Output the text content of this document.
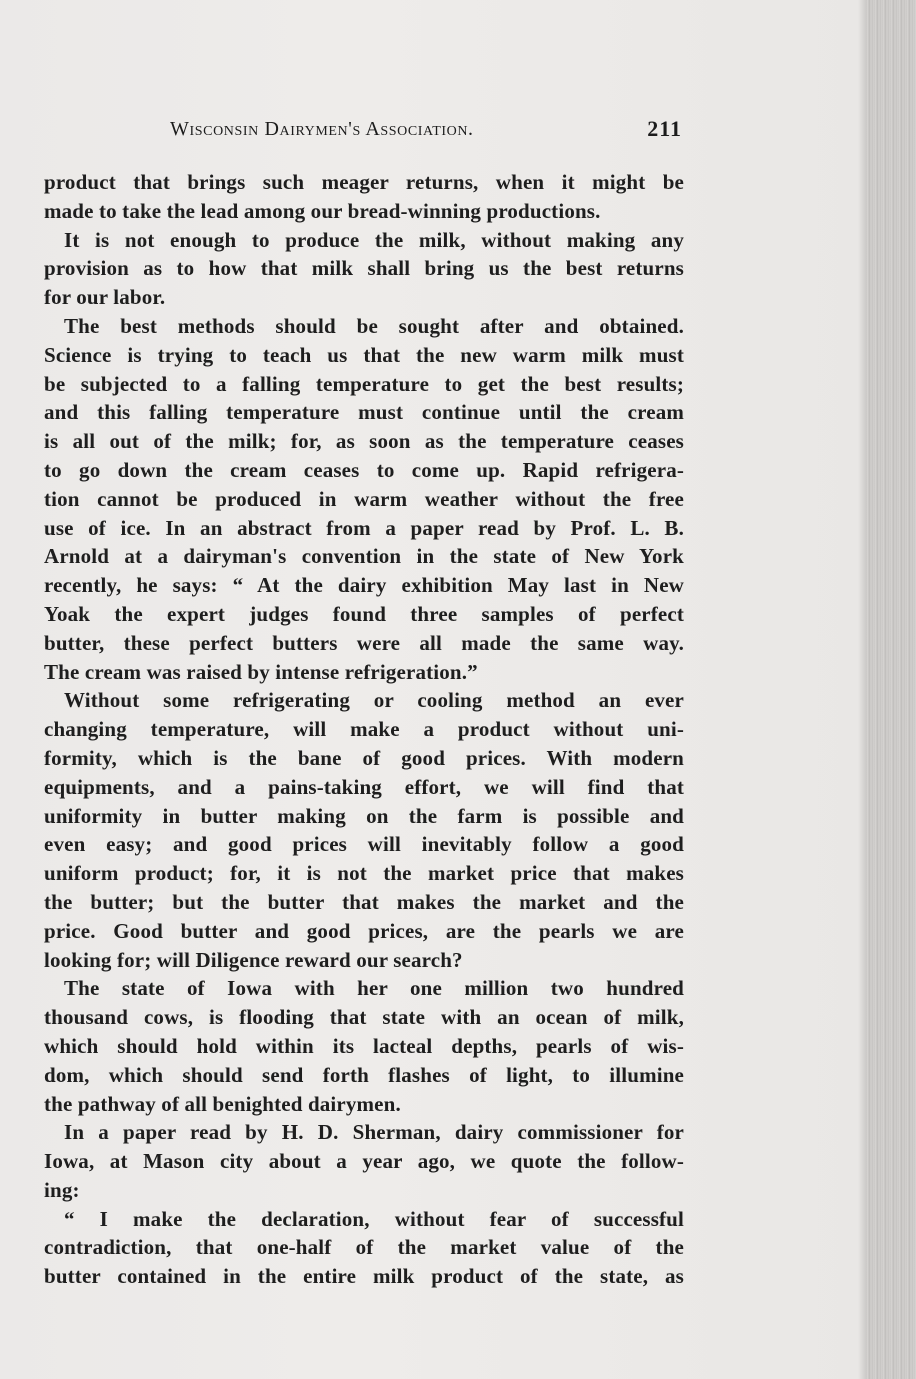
Wisconsin Dairymen's Association.	211
product that brings such meager returns, when it might be
made to take the lead among our bread-winning productions.
It is not enough to produce the milk, without making any
provision as to how that milk shall bring us the best returns
for our labor.
The best methods should be sought after and obtained.
Science is trying to teach us that the new warm milk must
be subjected to a falling temperature to get the best results;
and this falling temperature must continue until the cream
is all out of the milk; for, as soon as the temperature ceases
to go down the cream ceases to come up. Rapid refrigera-
tion cannot be produced in warm weather without the free
use of ice. In an abstract from a paper read by Prof. L. B.
Arnold at a dairyman's convention in the state of New York
recently, he says: “ At the dairy exhibition May last in New
Yoak the expert judges found three samples of perfect
butter, these perfect butters were all made the same way.
The cream was raised by intense refrigeration.”
Without some refrigerating or cooling method an ever
changing temperature, will make a product without uni-
formity, which is the bane of good prices. With modern
equipments, and a pains-taking effort, we will find that
uniformity in butter making on the farm is possible and
even easy; and good prices will inevitably follow a good
uniform product; for, it is not the market price that makes
the butter; but the butter that makes the market and the
price. Good butter and good prices, are the pearls we are
looking for; will Diligence reward our search?
The state of Iowa with her one million two hundred
thousand cows, is flooding that state with an ocean of milk,
which should hold within its lacteal depths, pearls of wis-
dom, which should send forth flashes of light, to illumine
the pathway of all benighted dairymen.
In a paper read by H. D. Sherman, dairy commissioner for
Iowa, at Mason city about a year ago, we quote the follow-
ing:
“ I make the declaration, without fear of successful
contradiction, that one-half of the market value of the
butter contained in the entire milk product of the state, as
